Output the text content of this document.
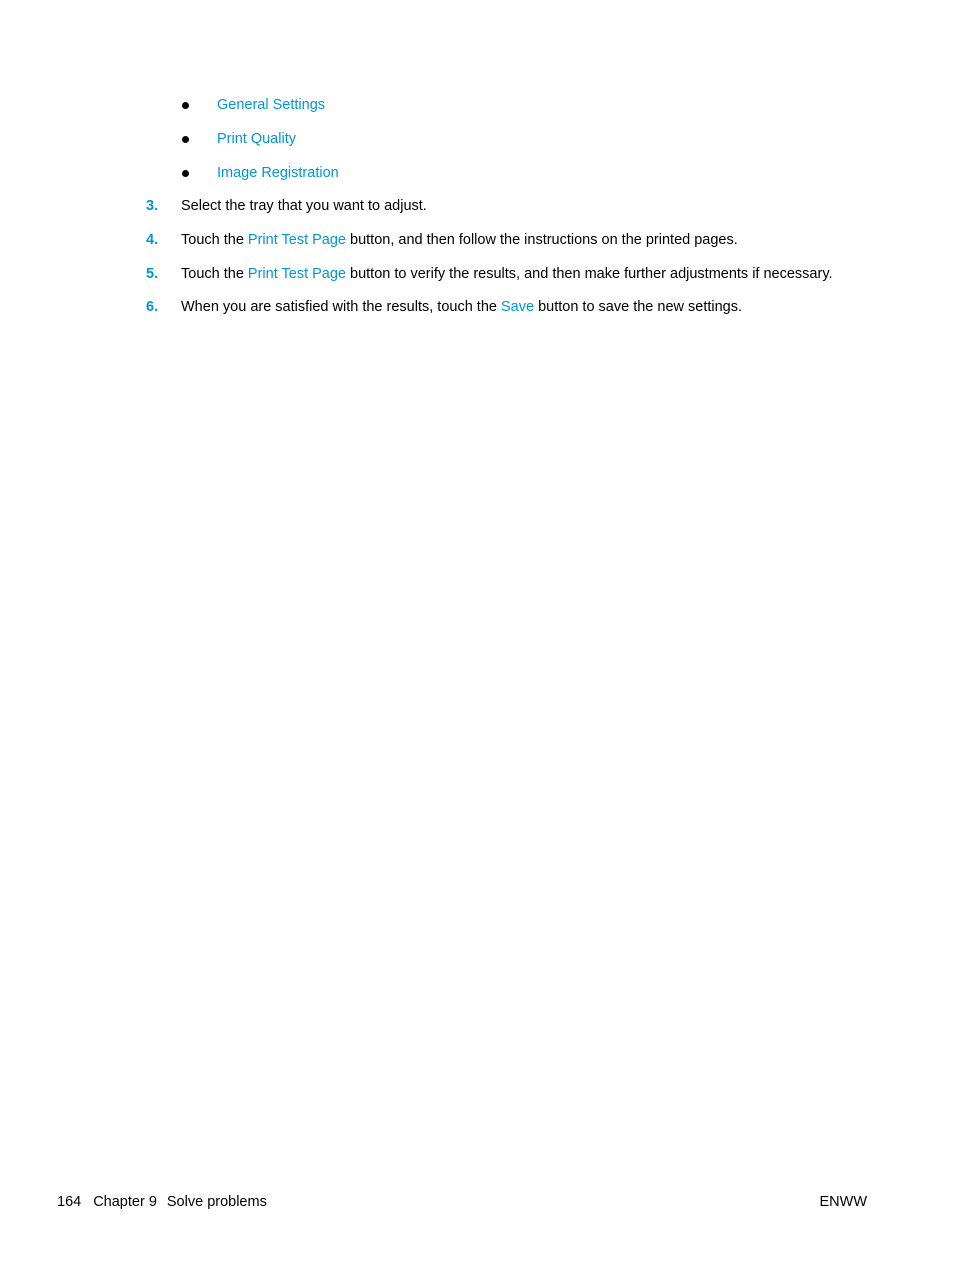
General Settings
Print Quality
Image Registration
3.	Select the tray that you want to adjust.
4.	Touch the Print Test Page button, and then follow the instructions on the printed pages.
5.	Touch the Print Test Page button to verify the results, and then make further adjustments if necessary.
6.	When you are satisfied with the results, touch the Save button to save the new settings.
164 Chapter 9 Solve problems	ENWW
